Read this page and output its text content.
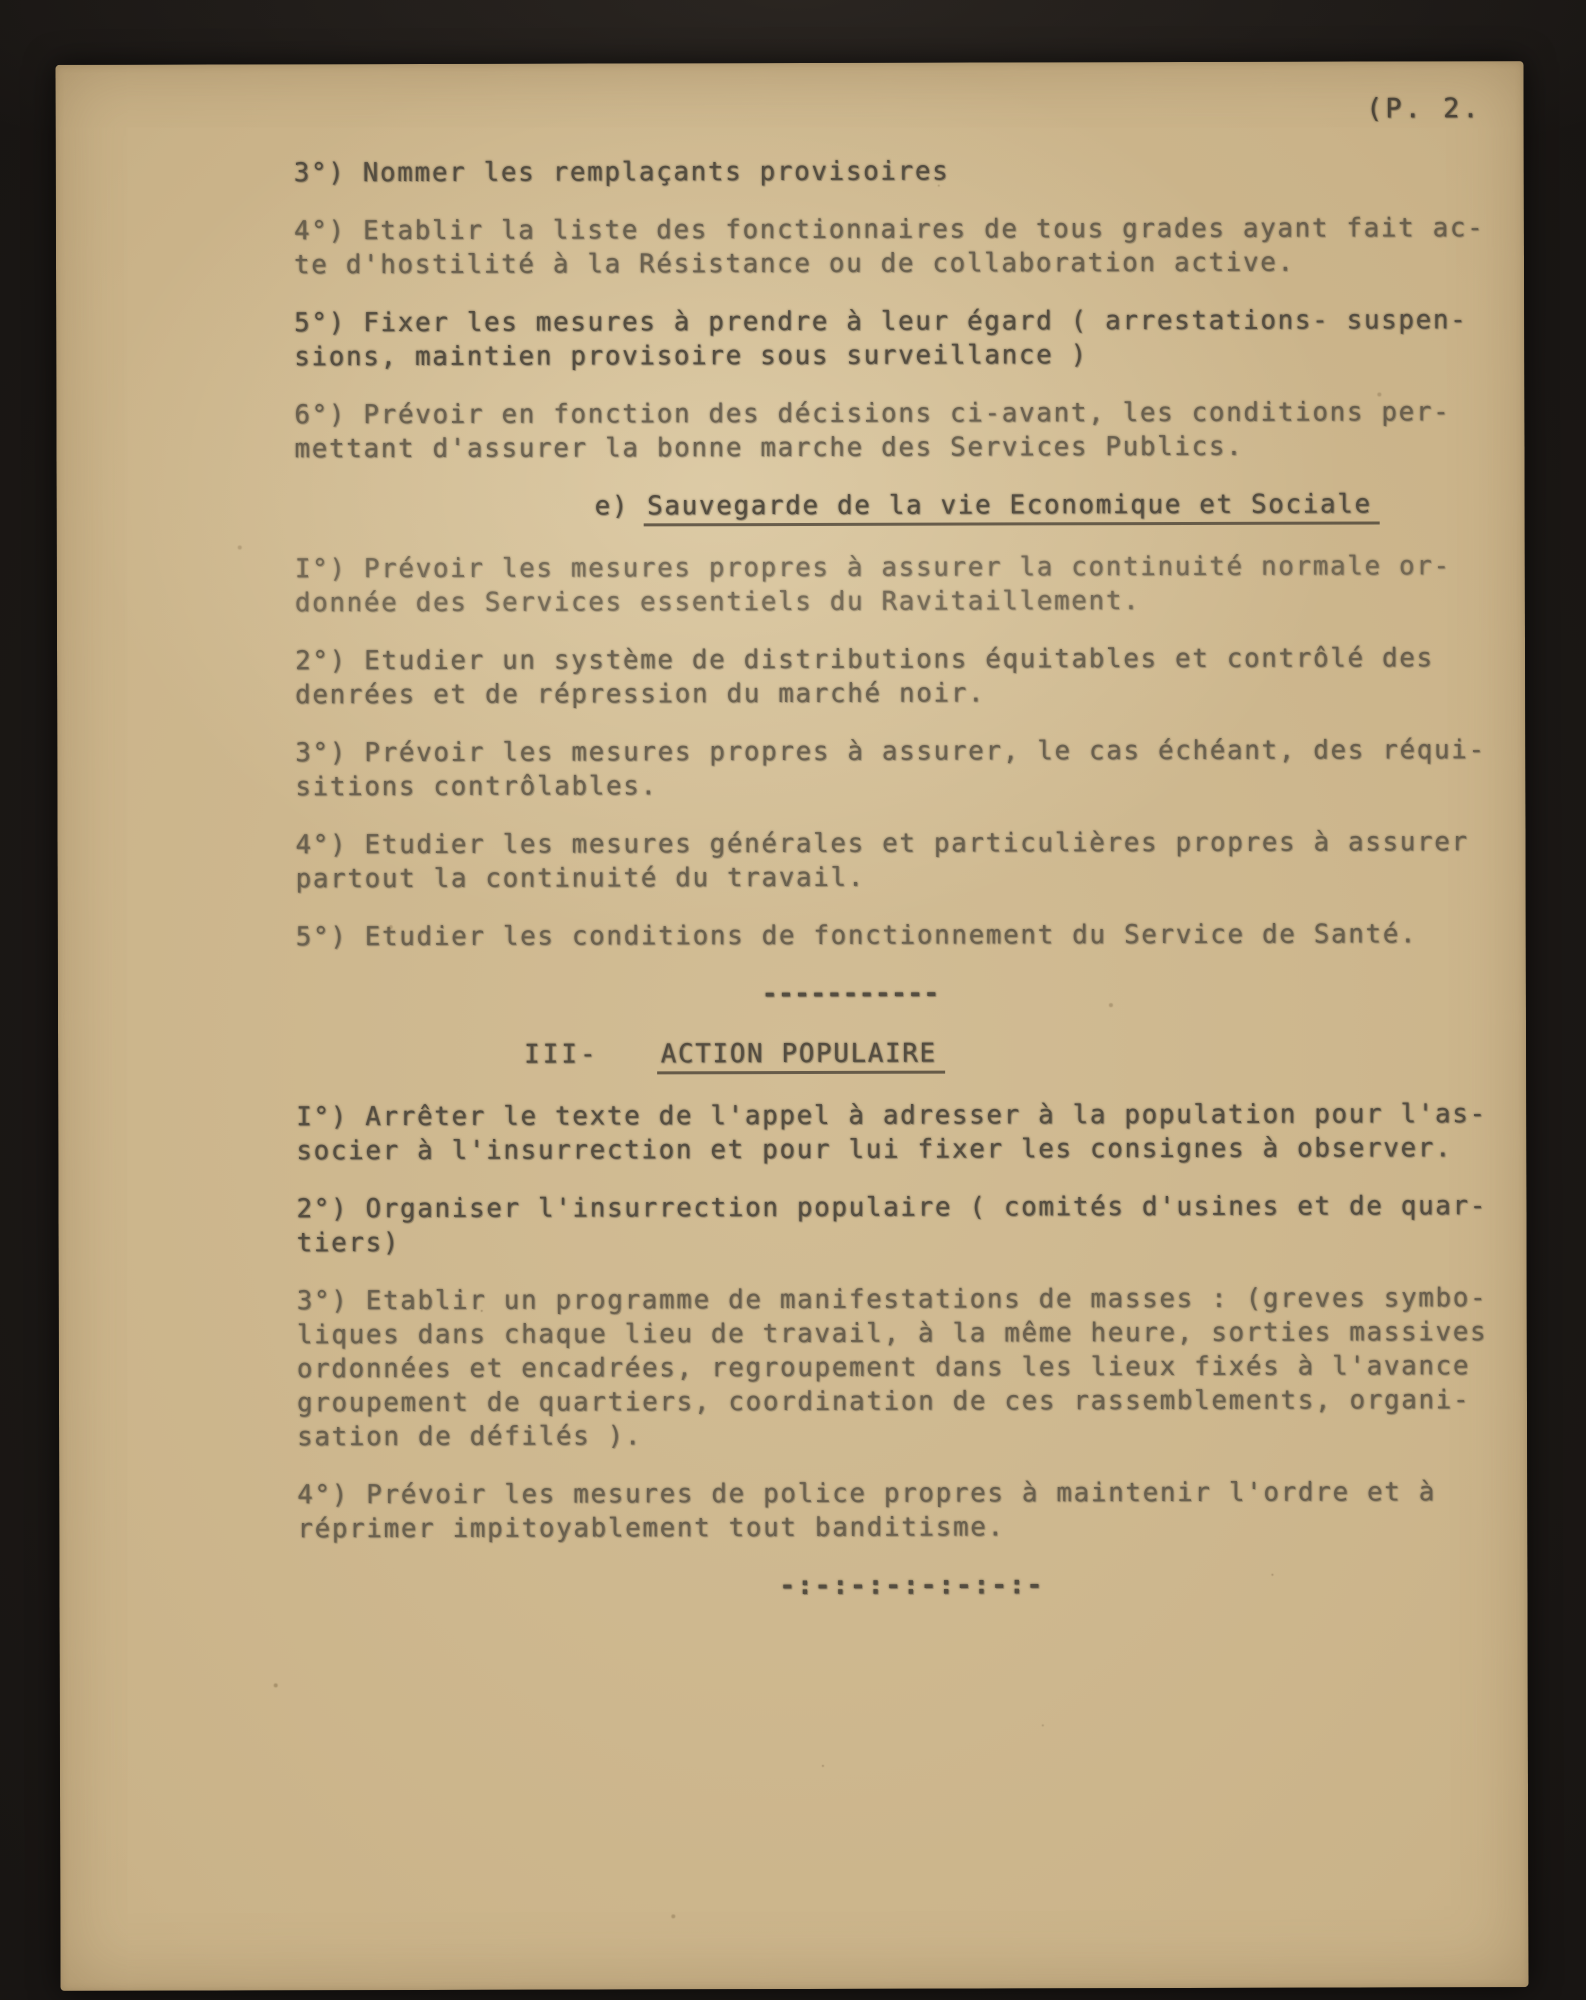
(P. 2.

3°) Nommer les remplaçants provisoires

4°) Etablir la liste des fonctionnaires de tous grades ayant fait ac-
te d'hostilité à la Résistance ou de collaboration active.

5°) Fixer les mesures à prendre à leur égard ( arrestations- suspen-
sions, maintien provisoire sous surveillance )

6°) Prévoir en fonction des décisions ci-avant, les conditions per-
mettant d'assurer la bonne marche des Services Publics.

e) Sauvegarde de la vie Economique et Sociale

I°) Prévoir les mesures propres à assurer la continuité normale or-
donnée des Services essentiels du Ravitaillement.

2°) Etudier un système de distributions équitables et contrôlé des
denrées et de répression du marché noir.

3°) Prévoir les mesures propres à assurer, le cas échéant, des réqui-
sitions contrôlables.

4°) Etudier les mesures générales et particulières propres à assurer
partout la continuité du travail.

5°) Etudier les conditions de fonctionnement du Service de Santé.

-----------
III- ACTION POPULAIRE

I°) Arrêter le texte de l'appel à adresser à la population pour l'as-
socier à l'insurrection et pour lui fixer les consignes à observer.

2°) Organiser l'insurrection populaire ( comités d'usines et de quar-
tiers)

3°) Etablir un programme de manifestations de masses : (greves symbo-
liques dans chaque lieu de travail, à la même heure, sorties massives
ordonnées et encadrées, regroupement dans les lieux fixés à l'avance
groupement de quartiers, coordination de ces rassemblements, organi-
sation de défilés ).

4°) Prévoir les mesures de police propres à maintenir l'ordre et à
réprimer impitoyablement tout banditisme.

-:-:-:-:-:-:-:-
